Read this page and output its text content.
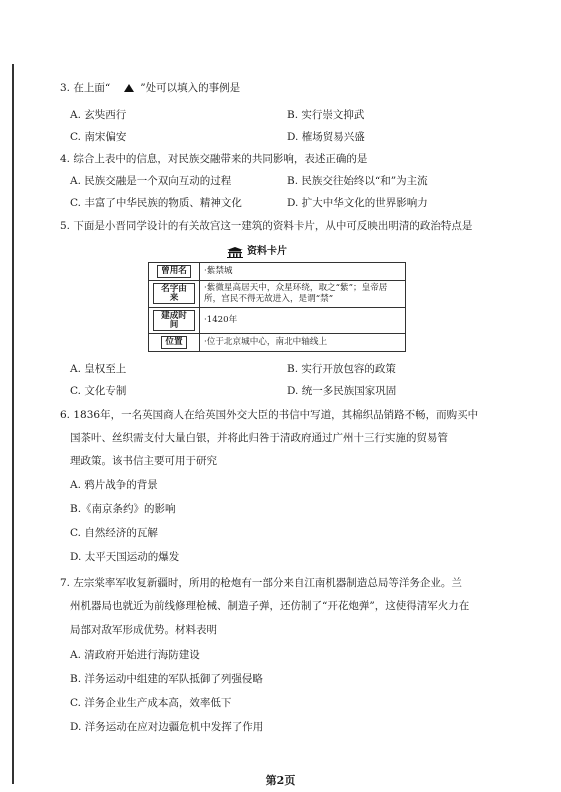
3. 在上面“	”处可以填入的事例是
A. 玄奘西行	B. 实行崇文抑武
C. 南宋偏安	D. 榷场贸易兴盛
4. 综合上表中的信息，对民族交融带来的共同影响，表述正确的是
A. 民族交融是一个双向互动的过程	B. 民族交往始终以“和”为主流
C. 丰富了中华民族的物质、精神文化	D. 扩大中华文化的世界影响力
5. 下面是小晋同学设计的有关故宫这一建筑的资料卡片，从中可反映出明清的政治特点是
资料卡片
曾用名	·紫禁城
名字由来	·紫微星高居天中，众星环绕，取之“紫”；皇帝居所，宫民不得无故进入，是谓“禁”
建成时间	·1420年
位置	·位于北京城中心，南北中轴线上
A. 皇权至上	B. 实行开放包容的政策
C. 文化专制	D. 统一多民族国家巩固
6. 1836年，一名英国商人在给英国外交大臣的书信中写道，其棉织品销路不畅，而购买中
国茶叶、丝织需支付大量白银，并将此归咎于清政府通过广州十三行实施的贸易管
理政策。该书信主要可用于研究
A. 鸦片战争的背景
B.《南京条约》的影响
C. 自然经济的瓦解
D. 太平天国运动的爆发
7. 左宗棠率军收复新疆时，所用的枪炮有一部分来自江南机器制造总局等洋务企业。兰
州机器局也就近为前线修理枪械、制造子弹，还仿制了“开花炮弹”，这使得清军火力在
局部对敌军形成优势。材料表明
A. 清政府开始进行海防建设
B. 洋务运动中组建的军队抵御了列强侵略
C. 洋务企业生产成本高，效率低下
D. 洋务运动在应对边疆危机中发挥了作用
第2页
